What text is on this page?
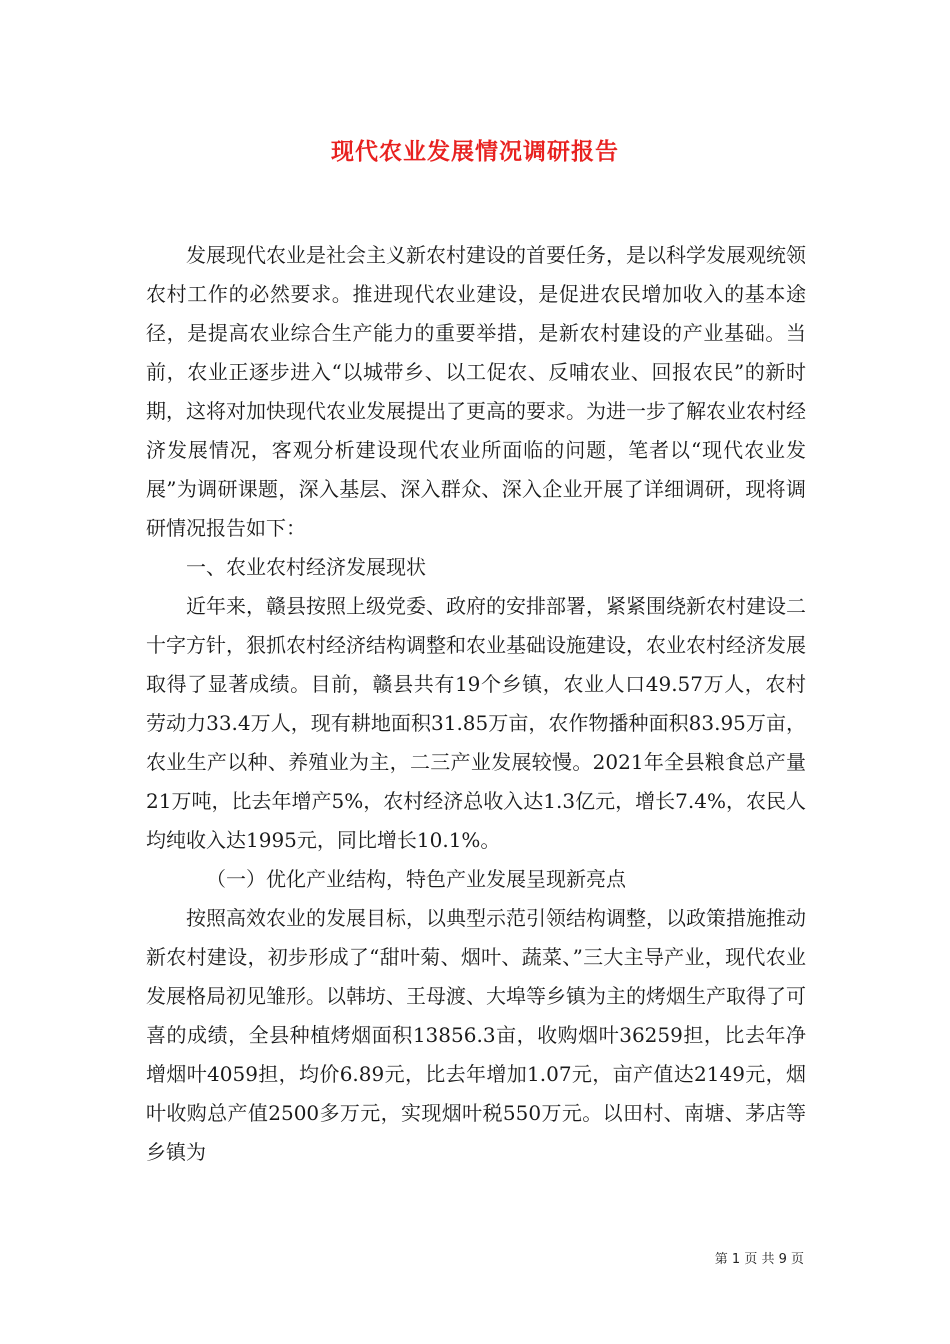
现代农业发展情况调研报告

发展现代农业是社会主义新农村建设的首要任务，是以科学发展观统领农村工作的必然要求。推进现代农业建设，是促进农民增加收入的基本途径，是提高农业综合生产能力的重要举措，是新农村建设的产业基础。当前，农业正逐步进入“以城带乡、以工促农、反哺农业、回报农民”的新时期，这将对加快现代农业发展提出了更高的要求。为进一步了解农业农村经济发展情况，客观分析建设现代农业所面临的问题，笔者以“现代农业发展”为调研课题，深入基层、深入群众、深入企业开展了详细调研，现将调研情况报告如下：

一、农业农村经济发展现状

近年来，赣县按照上级党委、政府的安排部署，紧紧围绕新农村建设二十字方针，狠抓农村经济结构调整和农业基础设施建设，农业农村经济发展取得了显著成绩。目前，赣县共有19个乡镇，农业人口49.57万人，农村劳动力33.4万人，现有耕地面积31.85万亩，农作物播种面积83.95万亩，农业生产以种、养殖业为主，二三产业发展较慢。2021年全县粮食总产量21万吨，比去年增产5%，农村经济总收入达1.3亿元，增长7.4%，农民人均纯收入达1995元，同比增长10.1%。

（一）优化产业结构，特色产业发展呈现新亮点

按照高效农业的发展目标，以典型示范引领结构调整，以政策措施推动新农村建设，初步形成了“甜叶菊、烟叶、蔬菜、”三大主导产业，现代农业发展格局初见雏形。以韩坊、王母渡、大埠等乡镇为主的烤烟生产取得了可喜的成绩，全县种植烤烟面积13856.3亩，收购烟叶36259担，比去年净增烟叶4059担，均价6.89元，比去年增加1.07元，亩产值达2149元，烟叶收购总产值2500多万元，实现烟叶税550万元。以田村、南塘、茅店等乡镇为

第 1 页 共 9 页
